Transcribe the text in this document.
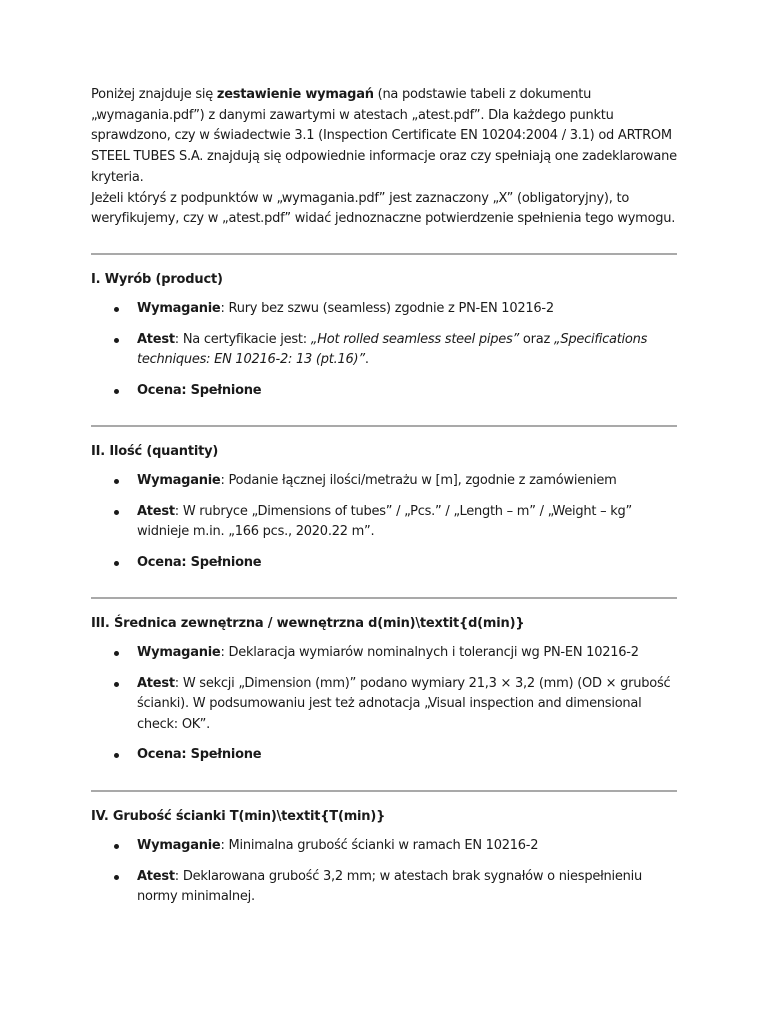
Poniżej znajduje się zestawienie wymagań (na podstawie tabeli z dokumentu „wymagania.pdf”) z danymi zawartymi w atestach „atest.pdf”. Dla każdego punktu sprawdzono, czy w świadectwie 3.1 (Inspection Certificate EN 10204:2004 / 3.1) od ARTROM STEEL TUBES S.A. znajdują się odpowiednie informacje oraz czy spełniają one zadeklarowane kryteria.

Jeżeli któryś z podpunktów w „wymagania.pdf” jest zaznaczony „X” (obligatoryjny), to weryfikujemy, czy w „atest.pdf” widać jednoznaczne potwierdzenie spełnienia tego wymogu.

I. Wyrób (product)
Wymaganie: Rury bez szwu (seamless) zgodnie z PN-EN 10216-2
Atest: Na certyfikacie jest: „Hot rolled seamless steel pipes” oraz „Specifications techniques: EN 10216-2: 13 (pt.16)”.
Ocena: Spełnione
II. Ilość (quantity)
Wymaganie: Podanie łącznej ilości/metrażu w [m], zgodnie z zamówieniem
Atest: W rubryce „Dimensions of tubes” / „Pcs.” / „Length – m” / „Weight – kg” widnieje m.in. „166 pcs., 2020.22 m”.
Ocena: Spełnione
III. Średnica zewnętrzna / wewnętrzna d(min)\textit{d(min)}
Wymaganie: Deklaracja wymiarów nominalnych i tolerancji wg PN-EN 10216-2
Atest: W sekcji „Dimension (mm)” podano wymiary 21,3 × 3,2 (mm) (OD × grubość ścianki). W podsumowaniu jest też adnotacja „Visual inspection and dimensional check: OK”.
Ocena: Spełnione
IV. Grubość ścianki T(min)\textit{T(min)}
Wymaganie: Minimalna grubość ścianki w ramach EN 10216-2
Atest: Deklarowana grubość 3,2 mm; w atestach brak sygnałów o niespełnieniu normy minimalnej.
